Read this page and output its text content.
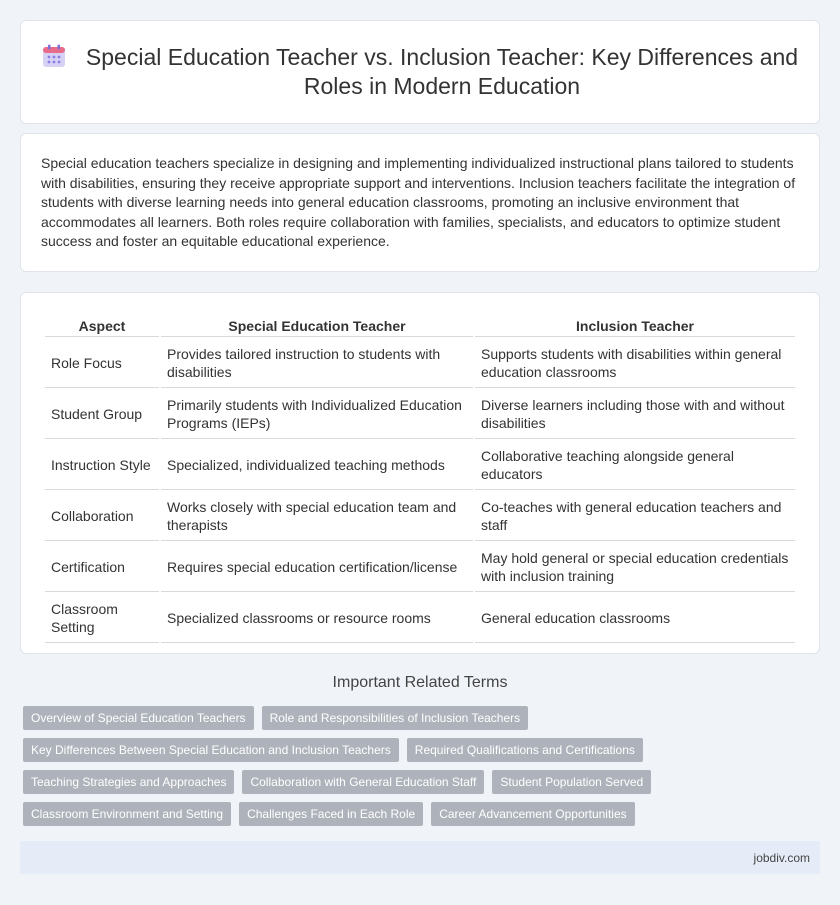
Special Education Teacher vs. Inclusion Teacher: Key Differences and Roles in Modern Education

Special education teachers specialize in designing and implementing individualized instructional plans tailored to students with disabilities, ensuring they receive appropriate support and interventions. Inclusion teachers facilitate the integration of students with diverse learning needs into general education classrooms, promoting an inclusive environment that accommodates all learners. Both roles require collaboration with families, specialists, and educators to optimize student success and foster an equitable educational experience.

Aspect	Special Education Teacher	Inclusion Teacher
Role Focus	Provides tailored instruction to students with disabilities	Supports students with disabilities within general education classrooms
Student Group	Primarily students with Individualized Education Programs (IEPs)	Diverse learners including those with and without disabilities
Instruction Style	Specialized, individualized teaching methods	Collaborative teaching alongside general educators
Collaboration	Works closely with special education team and therapists	Co-teaches with general education teachers and staff
Certification	Requires special education certification/license	May hold general or special education credentials with inclusion training
Classroom Setting	Specialized classrooms or resource rooms	General education classrooms
Important Related Terms
Overview of Special Education Teachers	Role and Responsibilities of Inclusion Teachers
Key Differences Between Special Education and Inclusion Teachers	Required Qualifications and Certifications
Teaching Strategies and Approaches	Collaboration with General Education Staff	Student Population Served
Classroom Environment and Setting	Challenges Faced in Each Role	Career Advancement Opportunities
jobdiv.com
